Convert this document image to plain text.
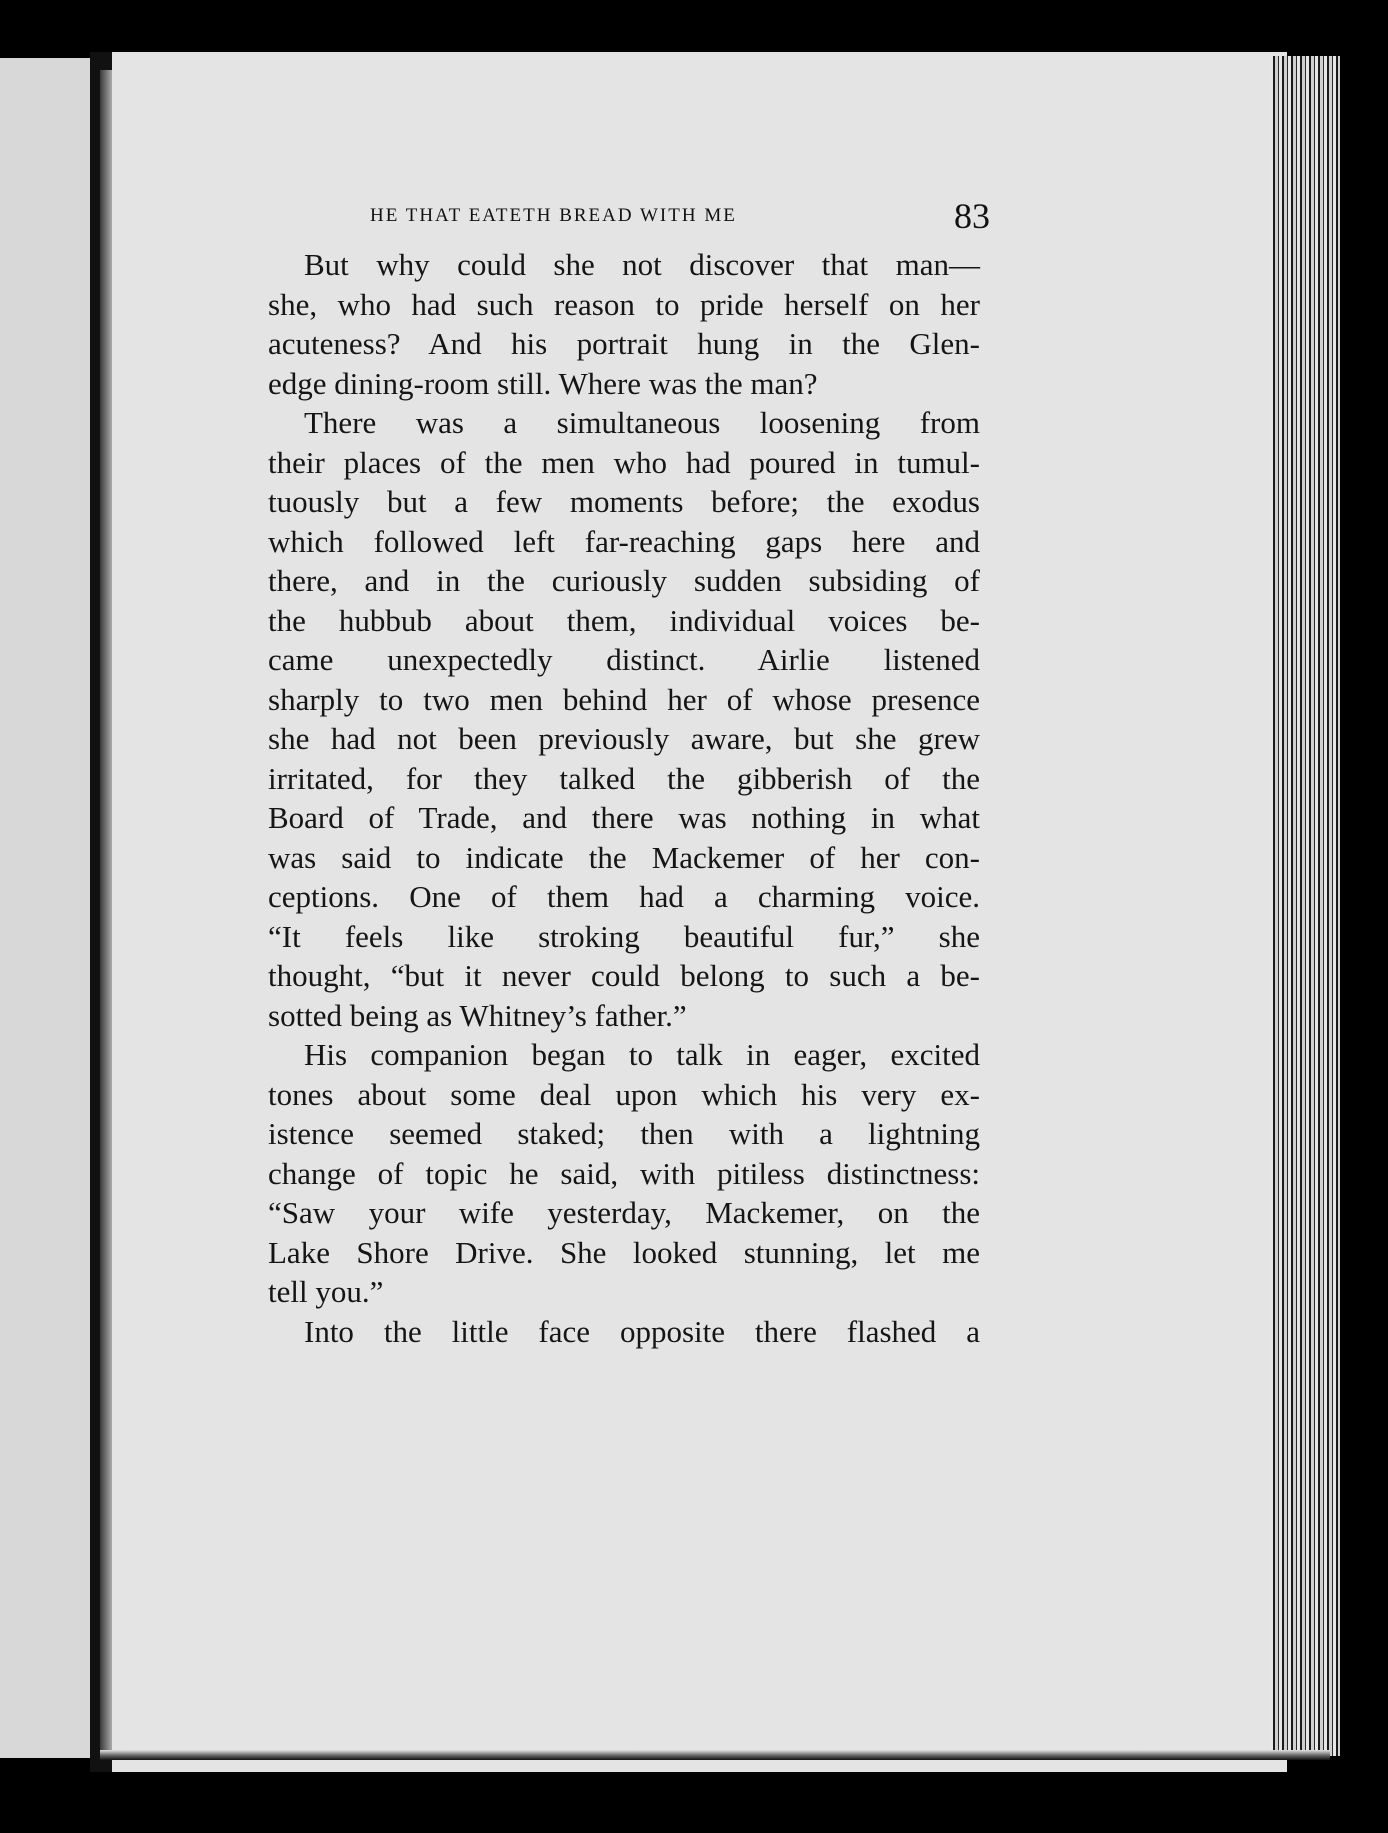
HE THAT EATETH BREAD WITH ME	83
But why could she not discover that man—
she, who had such reason to pride herself on her
acuteness? And his portrait hung in the Glen-
edge dining-room still. Where was the man?
There was a simultaneous loosening from
their places of the men who had poured in tumul-
tuously but a few moments before; the exodus
which followed left far-reaching gaps here and
there, and in the curiously sudden subsiding of
the hubbub about them, individual voices be-
came unexpectedly distinct. Airlie listened
sharply to two men behind her of whose presence
she had not been previously aware, but she grew
irritated, for they talked the gibberish of the
Board of Trade, and there was nothing in what
was said to indicate the Mackemer of her con-
ceptions. One of them had a charming voice.
“It feels like stroking beautiful fur,” she
thought, “but it never could belong to such a be-
sotted being as Whitney’s father.”
His companion began to talk in eager, excited
tones about some deal upon which his very ex-
istence seemed staked; then with a lightning
change of topic he said, with pitiless distinctness:
“Saw your wife yesterday, Mackemer, on the
Lake Shore Drive. She looked stunning, let me
tell you.”
Into the little face opposite there flashed a
